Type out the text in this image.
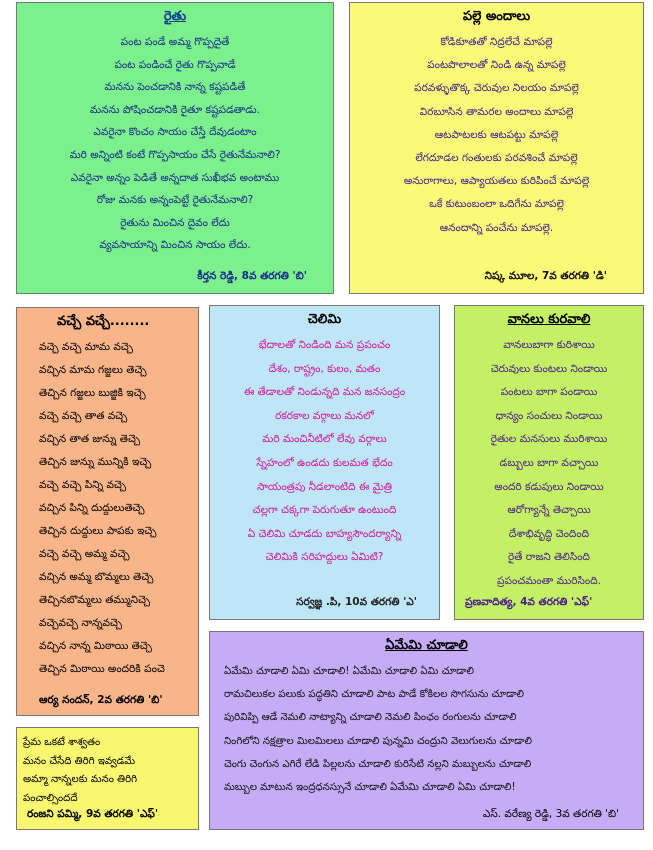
రైతు
పంట పండే అమ్మ గొప్పదైతే
పంట పండించే రైతు గొప్పవాడే
మనను పెంచడానికి నాన్న కష్టపడితే
మనను పోషించడానికి రైతూ కష్టపడతాడు.
ఎవరైనా కొంచం సాయం చేస్తే దేవుడంటాం
మరి అన్నింటి కంటే గొప్పసాయం చేసే రైతునేమనాలి?
ఎవరైనా అన్నం పెడితే అన్నదాత సుఖీభవ అంటాము
రోజు మనకు అన్నంపెట్టే రైతునేమనాలి?
రైతును మించిన దైవం లేదు
వ్యవసాయాన్ని మించిన సాయం లేదు.
కీర్తన రెడ్డి, 8వ తరగతి 'బి'
పల్లె అందాలు
కోడికూతతో నిద్రలేచే మాపల్లె
పంటపొలాలతో నిండి ఉన్న మాపల్లె
పరవళ్ళుతొక్క చెరువుల నిలయం మాపల్లె
విరబూసిన తామరల అందాలు మాపల్లె
ఆటపాటలకు ఆటపట్టు మాపల్లె
లేగదూడల గంతులకు పరవశించే మాపల్లె
అనురాగాలు, ఆప్యాయతలు కురిపించే మాపల్లె
ఒకే కుటుంబంలా ఒదిగేను మాపల్లె
ఆనందాన్ని పంచేను మాపల్లె.
నిష్క మూల, 7వ తరగతి 'డి'
వచ్చే వచ్చే........
వచ్చె వచ్చె మామ వచ్చె
వచ్చిన మామ గజ్జలు తెచ్చె
తెచ్చిన గజ్జలు బుజ్జికి ఇచ్చె
వచ్చె వచ్చె తాత వచ్చె
వచ్చిన తాత జున్ను తెచ్చె
తెచ్చిన జున్ను మున్నికి ఇచ్చె
వచ్చె వచ్చె పిన్ని వచ్చె
వచ్చిన పిన్ని దుద్దులుతెచ్చె
తెచ్చిన దుద్దులు పాపకు ఇచ్చె
వచ్చె వచ్చె అమ్మ వచ్చె
వచ్చిన అమ్మ బొమ్మలు తెచ్చె
తెచ్చినబొమ్మలు తమ్మునిచ్చె
వచ్చెవచ్చె నాన్నవచ్చె
వచ్చిన నాన్న మిఠాయి తెచ్చె
తెచ్చిన మిఠాయి అందరికి పంచె
ఆర్య నందన్, 2వ తరగతి 'బి'
చెలిమి
భేదాలతో నిండింది మన ప్రపంచం
దేశం, రాష్ట్రం, కులం, మతం
ఈ తేడాలతో నిండున్నది మన జనసంద్రం
రకరకాల వర్గాలు మనలో
మరి మంచినీటిలో లేవు వర్గాలు
స్నేహంలో ఉండదు కులమత భేదం
సాయంత్రపు నీడలాంటిది ఈ మైత్రి
చల్లగా చక్కగా పెరుగుతూ ఉంటుంది
ఏ చెలిమి చూడదు బాహ్యసౌందర్యాన్ని
చెలిమికి సరిహద్దులు ఏమిటి?
సర్వజ్ఞ .పి, 10వ తరగతి 'ఎ'
వానలు కురవాలి
వానలుబాగా కురిశాయి
చెరువులు కుంటలు నిండాయి
పంటలు బాగా పండాయి
ధాన్యం సంచులు నిండాయి
రైతుల మనసులు మురిశాయి
డబ్బులు బాగా వచ్చాయి
అందరి కడుపులు నిండాయి
ఆరోగ్యాన్నే తెచ్చాయి
దేశాభివృద్ధి చెందింది
రైతే రాజని తెలిసింది
ప్రపంచమంతా మురిసింది.
ప్రణవాదిత్య, 4వ తరగతి 'ఎఫ్'
ఏమేమి చూడాలి
ఏమేమి చూడాలి ఏమి చూడాలి! ఏమేమి చూడాలి ఏమి చూడాలి
రామచిలుకల పలుకు పద్ధతిని చూడాలి పాట పాడే కోకిలల సొగసును చూడాలి
పురివిప్పి ఆడే నెమలి నాట్యాన్ని చూడాలి నెమలి పింఛం రంగులను చూడాలి
నింగిలోని నక్షత్రాల మిలమిలలు చూడాలి పున్నమి చంద్రుని వెలుగులను చూడాలి
చెంగు చెంగున ఎగిరే లేడి పిల్లలను చూడాలి కురిసేటి నల్లని మబ్బులను చూడాలి
మబ్బుల మాటున ఇంద్రధనస్సునే చూడాలి ఏమేమి చూడాలి ఏమి చూడాలి!
ఎస్. వరేణ్య రెడ్డి, 3వ తరగతి 'బి'
ప్రేమ ఒకటే శాశ్వతం
మనం చేసేది తిరిగి ఇవ్వడమే
అమ్మా నాన్నలకు మనం తిరిగి
పంచాల్సిందదే
రంజని పమ్మి, 9వ తరగతి 'ఎఫ్'
